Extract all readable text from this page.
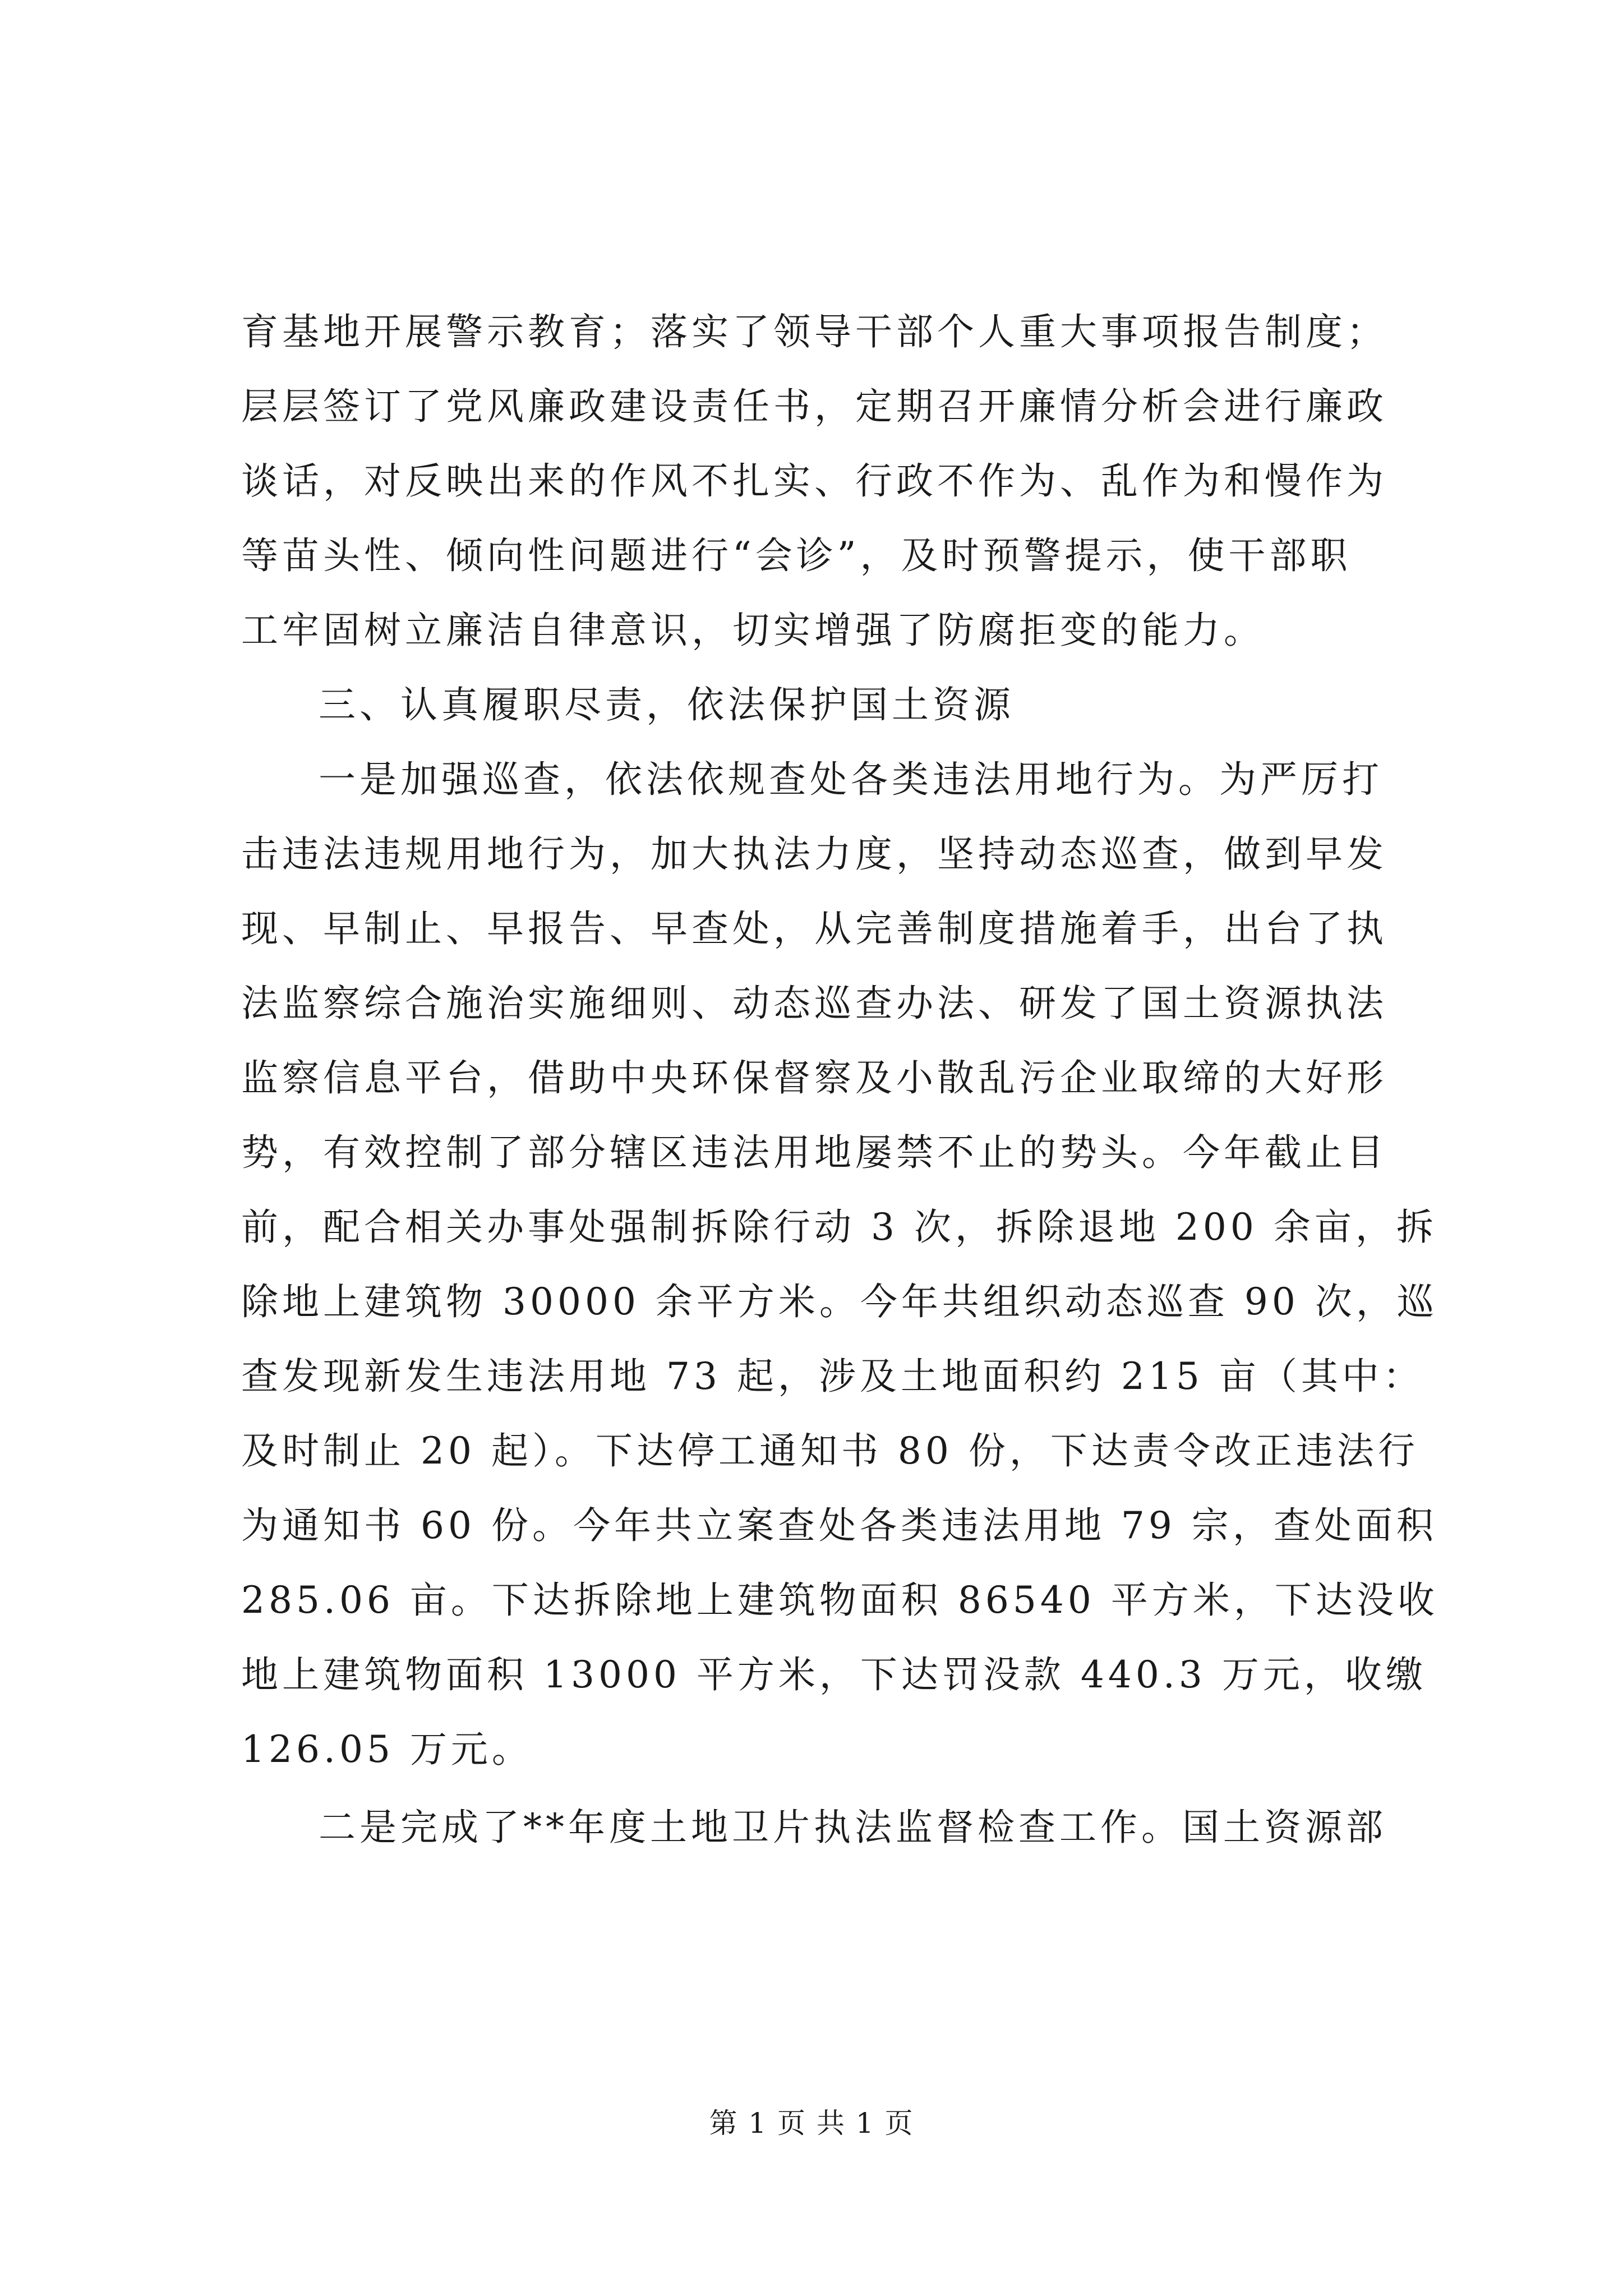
育基地开展警示教育；落实了领导干部个人重大事项报告制度；
层层签订了党风廉政建设责任书，定期召开廉情分析会进行廉政
谈话，对反映出来的作风不扎实、行政不作为、乱作为和慢作为
等苗头性、倾向性问题进行“会诊”，及时预警提示，使干部职
工牢固树立廉洁自律意识，切实增强了防腐拒变的能力。
三、认真履职尽责，依法保护国土资源
一是加强巡查，依法依规查处各类违法用地行为。为严厉打
击违法违规用地行为，加大执法力度，坚持动态巡查，做到早发
现、早制止、早报告、早查处，从完善制度措施着手，出台了执
法监察综合施治实施细则、动态巡查办法、研发了国土资源执法
监察信息平台，借助中央环保督察及小散乱污企业取缔的大好形
势，有效控制了部分辖区违法用地屡禁不止的势头。今年截止目
前，配合相关办事处强制拆除行动 3 次，拆除退地 200 余亩，拆
除地上建筑物 30000 余平方米。今年共组织动态巡查 90 次，巡
查发现新发生违法用地 73 起，涉及土地面积约 215 亩（其中：
及时制止 20 起）。下达停工通知书 80 份，下达责令改正违法行
为通知书 60 份。今年共立案查处各类违法用地 79 宗，查处面积
285.06 亩。下达拆除地上建筑物面积 86540 平方米，下达没收
地上建筑物面积 13000 平方米，下达罚没款 440.3 万元，收缴
126.05 万元。
二是完成了**年度土地卫片执法监督检查工作。国土资源部
第 1 页 共 1 页
